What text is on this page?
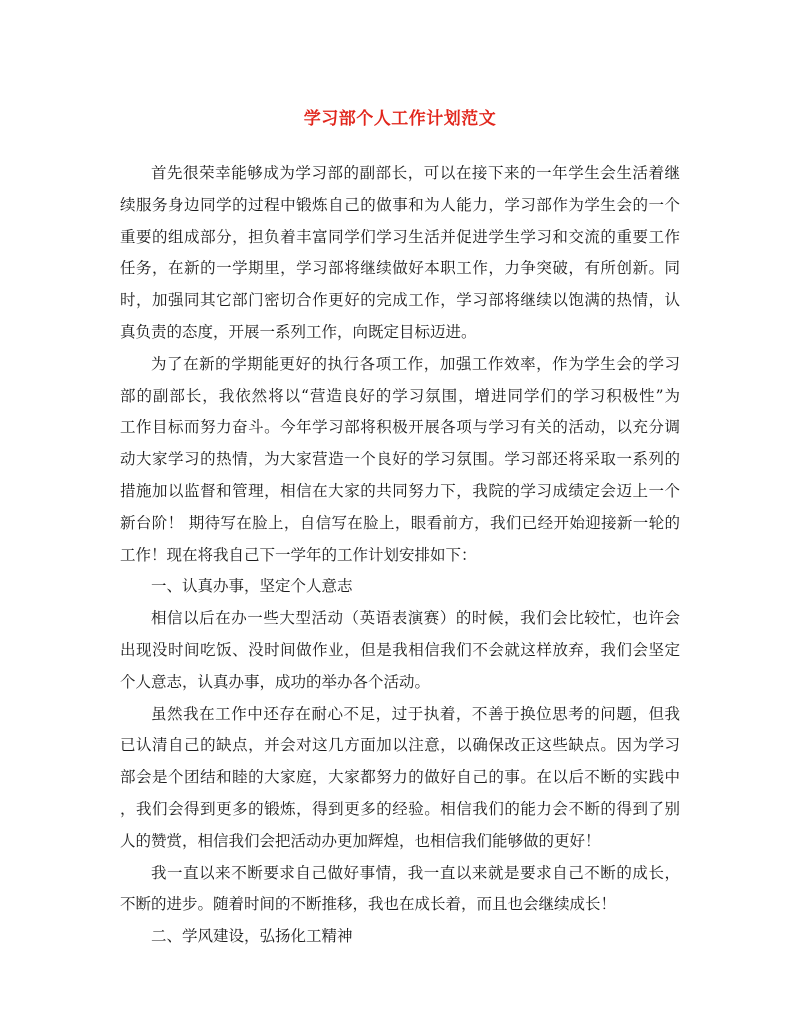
学习部个人工作计划范文
首先很荣幸能够成为学习部的副部长，可以在接下来的一年学生会生活着继
续服务身边同学的过程中锻炼自己的做事和为人能力，学习部作为学生会的一个
重要的组成部分，担负着丰富同学们学习生活并促进学生学习和交流的重要工作
任务，在新的一学期里，学习部将继续做好本职工作，力争突破，有所创新。同
时，加强同其它部门密切合作更好的完成工作，学习部将继续以饱满的热情，认
真负责的态度，开展一系列工作，向既定目标迈进。
为了在新的学期能更好的执行各项工作，加强工作效率，作为学生会的学习
部的副部长，我依然将以“营造良好的学习氛围，增进同学们的学习积极性”为
工作目标而努力奋斗。今年学习部将积极开展各项与学习有关的活动，以充分调
动大家学习的热情，为大家营造一个良好的学习氛围。学习部还将采取一系列的
措施加以监督和管理，相信在大家的共同努力下，我院的学习成绩定会迈上一个
新台阶！ 期待写在脸上，自信写在脸上，眼看前方，我们已经开始迎接新一轮的
工作！现在将我自己下一学年的工作计划安排如下：
一、认真办事，坚定个人意志
相信以后在办一些大型活动（英语表演赛）的时候，我们会比较忙，也许会
出现没时间吃饭、没时间做作业，但是我相信我们不会就这样放弃，我们会坚定
个人意志，认真办事，成功的举办各个活动。
虽然我在工作中还存在耐心不足，过于执着，不善于换位思考的问题，但我
已认清自己的缺点，并会对这几方面加以注意，以确保改正这些缺点。因为学习
部会是个团结和睦的大家庭，大家都努力的做好自己的事。在以后不断的实践中
，我们会得到更多的锻炼，得到更多的经验。相信我们的能力会不断的得到了别
人的赞赏，相信我们会把活动办更加辉煌，也相信我们能够做的更好！
我一直以来不断要求自己做好事情，我一直以来就是要求自己不断的成长，
不断的进步。随着时间的不断推移，我也在成长着，而且也会继续成长！
二、学风建设，弘扬化工精神
